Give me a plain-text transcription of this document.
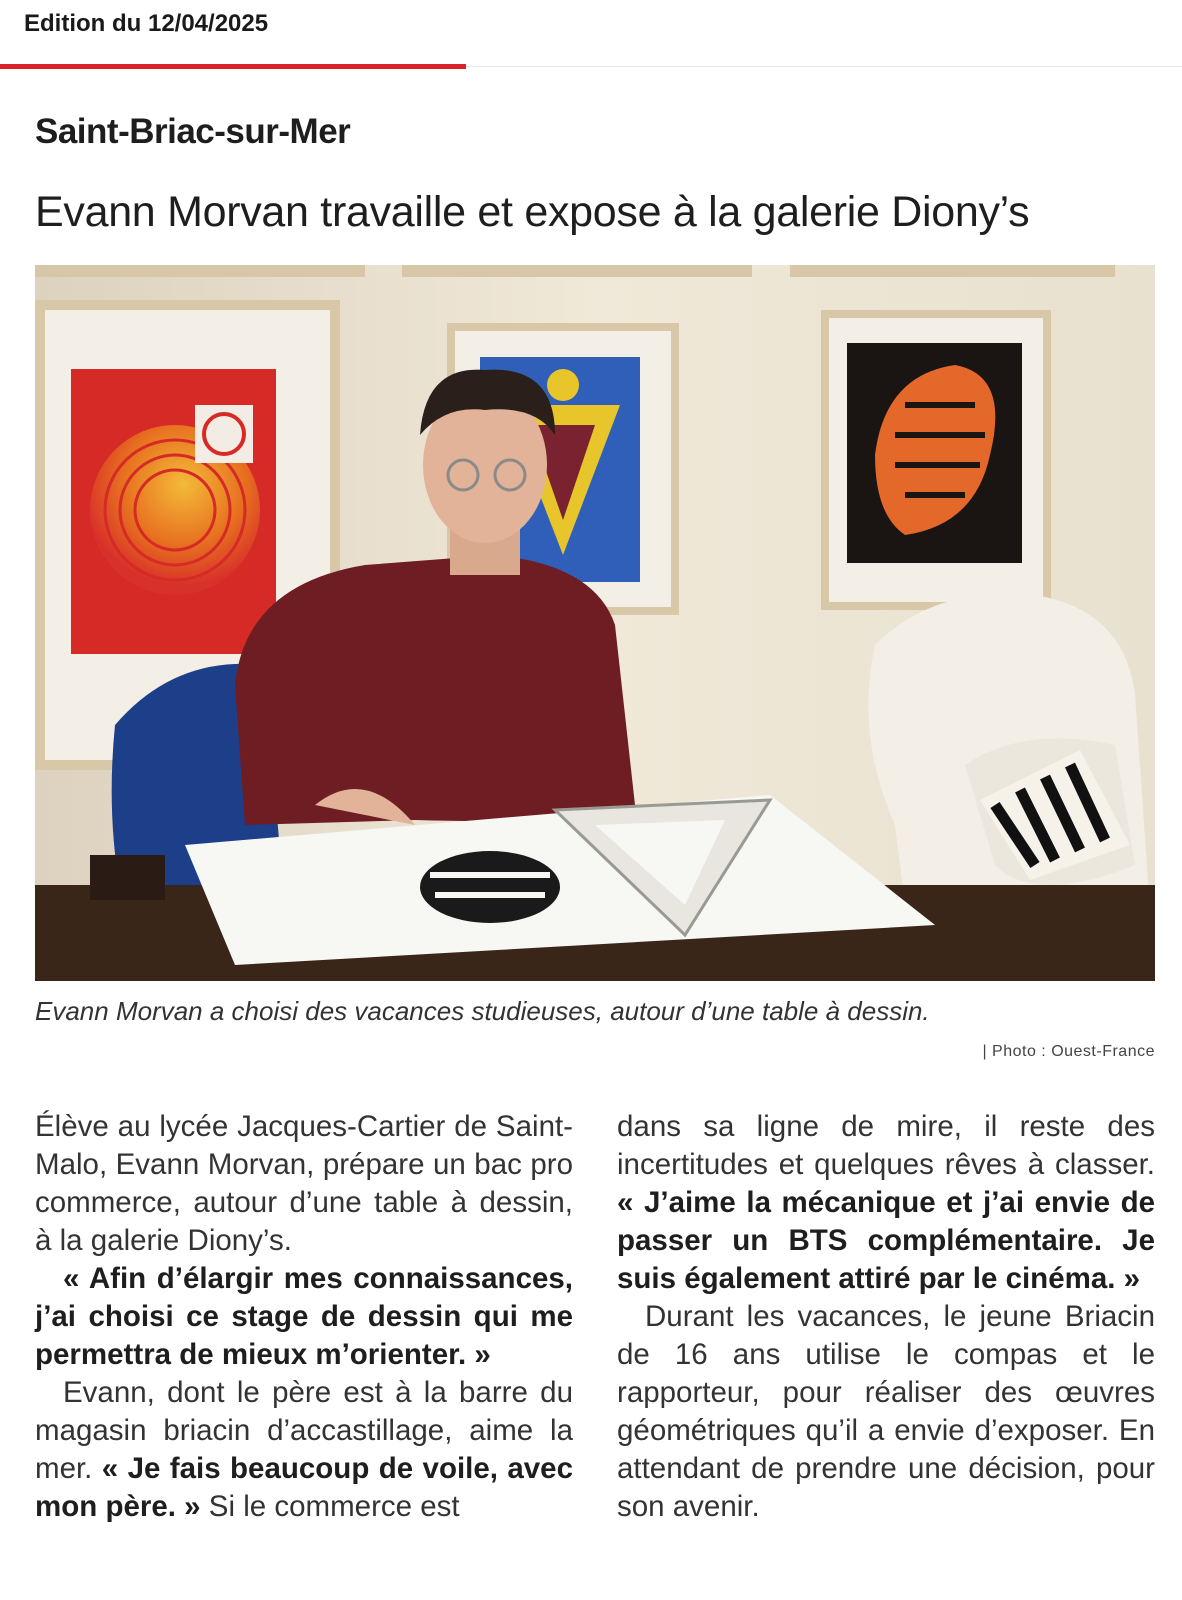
Edition du 12/04/2025
Saint-Briac-sur-Mer
Evann Morvan travaille et expose à la galerie Diony’s
Evann Morvan a choisi des vacances studieuses, autour d’une table à dessin.
| Photo : Ouest-France

Élève au lycée Jacques-Cartier de Saint-Malo, Evann Morvan, prépare un bac pro commerce, autour d’une table à dessin, à la galerie Diony’s.

« Afin d’élargir mes connaissances, j’ai choisi ce stage de dessin qui me permettra de mieux m’orienter. »

Evann, dont le père est à la barre du magasin briacin d’accastillage, aime la mer. « Je fais beaucoup de voile, avec mon père. » Si le commerce est

dans sa ligne de mire, il reste des incertitudes et quelques rêves à classer. « J’aime la mécanique et j’ai envie de passer un BTS complémentaire. Je suis également attiré par le cinéma. »

Durant les vacances, le jeune Briacin de 16 ans utilise le compas et le rapporteur, pour réaliser des œuvres géométriques qu’il a envie d’exposer. En attendant de prendre une décision, pour son avenir.
